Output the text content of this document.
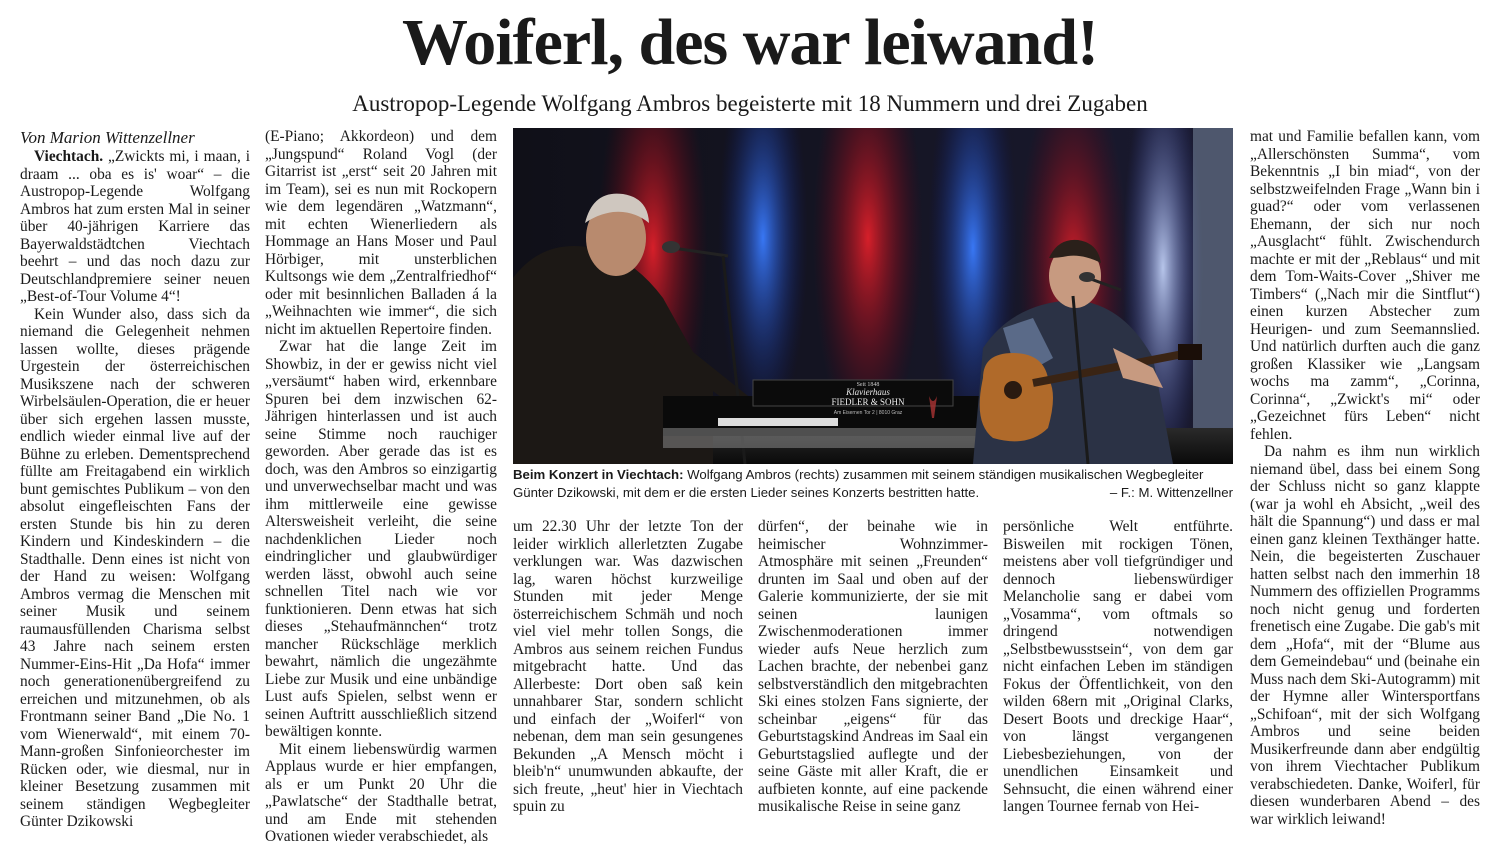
Woiferl, des war leiwand!
Austropop-Legende Wolfgang Ambros begeisterte mit 18 Nummern und drei Zugaben

Von Marion Wittenzellner

Viechtach. „Zwickts mi, i maan, i draam ... oba es is' woar“ – die Austropop-Legende Wolfgang Ambros hat zum ersten Mal in seiner über 40-jährigen Karriere das Bayerwaldstädtchen Viechtach beehrt – und das noch dazu zur Deutschlandpremiere seiner neuen „Best-of-Tour Volume 4“!

Kein Wunder also, dass sich da niemand die Gelegenheit nehmen lassen wollte, dieses prägende Urgestein der österreichischen Musikszene nach der schweren Wirbelsäulen-Operation, die er heuer über sich ergehen lassen musste, endlich wieder einmal live auf der Bühne zu erleben. Dementsprechend füllte am Freitagabend ein wirklich bunt gemischtes Publikum – von den absolut eingefleischten Fans der ersten Stunde bis hin zu deren Kindern und Kindeskindern – die Stadthalle. Denn eines ist nicht von der Hand zu weisen: Wolfgang Ambros vermag die Menschen mit seiner Musik und seinem raumausfüllenden Charisma selbst 43 Jahre nach seinem ersten Nummer-Eins-Hit „Da Hofa“ immer noch generationenübergreifend zu erreichen und mitzunehmen, ob als Frontmann seiner Band „Die No. 1 vom Wienerwald“, mit einem 70-Mann-großen Sinfonieorchester im Rücken oder, wie diesmal, nur in kleiner Besetzung zusammen mit seinem ständigen Wegbegleiter Günter Dzikowski

(E-Piano; Akkordeon) und dem „Jungspund“ Roland Vogl (der Gitarrist ist „erst“ seit 20 Jahren mit im Team), sei es nun mit Rockopern wie dem legendären „Watzmann“, mit echten Wienerliedern als Hommage an Hans Moser und Paul Hörbiger, mit unsterblichen Kultsongs wie dem „Zentralfriedhof“ oder mit besinnlichen Balladen á la „Weihnachten wie immer“, die sich nicht im aktuellen Repertoire finden.

Zwar hat die lange Zeit im Showbiz, in der er gewiss nicht viel „versäumt“ haben wird, erkennbare Spuren bei dem inzwischen 62-Jährigen hinterlassen und ist auch seine Stimme noch rauchiger geworden. Aber gerade das ist es doch, was den Ambros so einzigartig und unverwechselbar macht und was ihm mittlerweile eine gewisse Altersweisheit verleiht, die seine nachdenklichen Lieder noch eindringlicher und glaubwürdiger werden lässt, obwohl auch seine schnellen Titel nach wie vor funktionieren. Denn etwas hat sich dieses „Stehaufmännchen“ trotz mancher Rückschläge merklich bewahrt, nämlich die ungezähmte Liebe zur Musik und eine unbändige Lust aufs Spielen, selbst wenn er seinen Auftritt ausschließlich sitzend bewältigen konnte.

Mit einem liebenswürdig warmen Applaus wurde er hier empfangen, als er um Punkt 20 Uhr die „Pawlatsche“ der Stadthalle betrat, und am Ende mit stehenden Ovationen wieder verabschiedet, als

Seit 1848
Klavierhaus
FIEDLER & SOHN
Am Eisernen Tor 2 | 8010 Graz
Beim Konzert in Viechtach: Wolfgang Ambros (rechts) zusammen mit seinem ständigen musikalischen Wegbegleiter Günter Dzikowski, mit dem er die ersten Lieder seines Konzerts bestritten hatte.	– F.: M. Wittenzellner

um 22.30 Uhr der letzte Ton der leider wirklich allerletzten Zugabe verklungen war. Was dazwischen lag, waren höchst kurzweilige Stunden mit jeder Menge österreichischem Schmäh und noch viel viel mehr tollen Songs, die Ambros aus seinem reichen Fundus mitgebracht hatte. Und das Allerbeste: Dort oben saß kein unnahbarer Star, sondern schlicht und einfach der „Woiferl“ von nebenan, dem man sein gesungenes Bekunden „A Mensch möcht i bleib'n“ unumwunden abkaufte, der sich freute, „heut' hier in Viechtach spuin zu

dürfen“, der beinahe wie in heimischer Wohnzimmer-Atmosphäre mit seinen „Freunden“ drunten im Saal und oben auf der Galerie kommunizierte, der sie mit seinen launigen Zwischenmoderationen immer wieder aufs Neue herzlich zum Lachen brachte, der nebenbei ganz selbstverständlich den mitgebrachten Ski eines stolzen Fans signierte, der scheinbar „eigens“ für das Geburtstagskind Andreas im Saal ein Geburtstagslied auflegte und der seine Gäste mit aller Kraft, die er aufbieten konnte, auf eine packende musikalische Reise in seine ganz

persönliche Welt entführte. Bisweilen mit rockigen Tönen, meistens aber voll tiefgründiger und dennoch liebenswürdiger Melancholie sang er dabei vom „Vosamma“, vom oftmals so dringend notwendigen „Selbstbewusstsein“, von dem gar nicht einfachen Leben im ständigen Fokus der Öffentlichkeit, von den wilden 68ern mit „Original Clarks, Desert Boots und dreckige Haar“, von längst vergangenen Liebesbeziehungen, von der unendlichen Einsamkeit und Sehnsucht, die einen während einer langen Tournee fernab von Hei-

mat und Familie befallen kann, vom „Allerschönsten Summa“, vom Bekenntnis „I bin miad“, von der selbstzweifelnden Frage „Wann bin i guad?“ oder vom verlassenen Ehemann, der sich nur noch „Ausglacht“ fühlt. Zwischendurch machte er mit der „Reblaus“ und mit dem Tom-Waits-Cover „Shiver me Timbers“ („Nach mir die Sintflut“) einen kurzen Abstecher zum Heurigen- und zum Seemannslied. Und natürlich durften auch die ganz großen Klassiker wie „Langsam wochs ma zamm“, „Corinna, Corinna“, „Zwickt's mi“ oder „Gezeichnet fürs Leben“ nicht fehlen.

Da nahm es ihm nun wirklich niemand übel, dass bei einem Song der Schluss nicht so ganz klappte (war ja wohl eh Absicht, „weil des hält die Spannung“) und dass er mal einen ganz kleinen Texthänger hatte. Nein, die begeisterten Zuschauer hatten selbst nach den immerhin 18 Nummern des offiziellen Programms noch nicht genug und forderten frenetisch eine Zugabe. Die gab's mit dem „Hofa“, mit der “Blume aus dem Gemeindebau“ und (beinahe ein Muss nach dem Ski-Autogramm) mit der Hymne aller Wintersportfans „Schifoan“, mit der sich Wolfgang Ambros und seine beiden Musikerfreunde dann aber endgültig von ihrem Viechtacher Publikum verabschiedeten. Danke, Woiferl, für diesen wunderbaren Abend – des war wirklich leiwand!
